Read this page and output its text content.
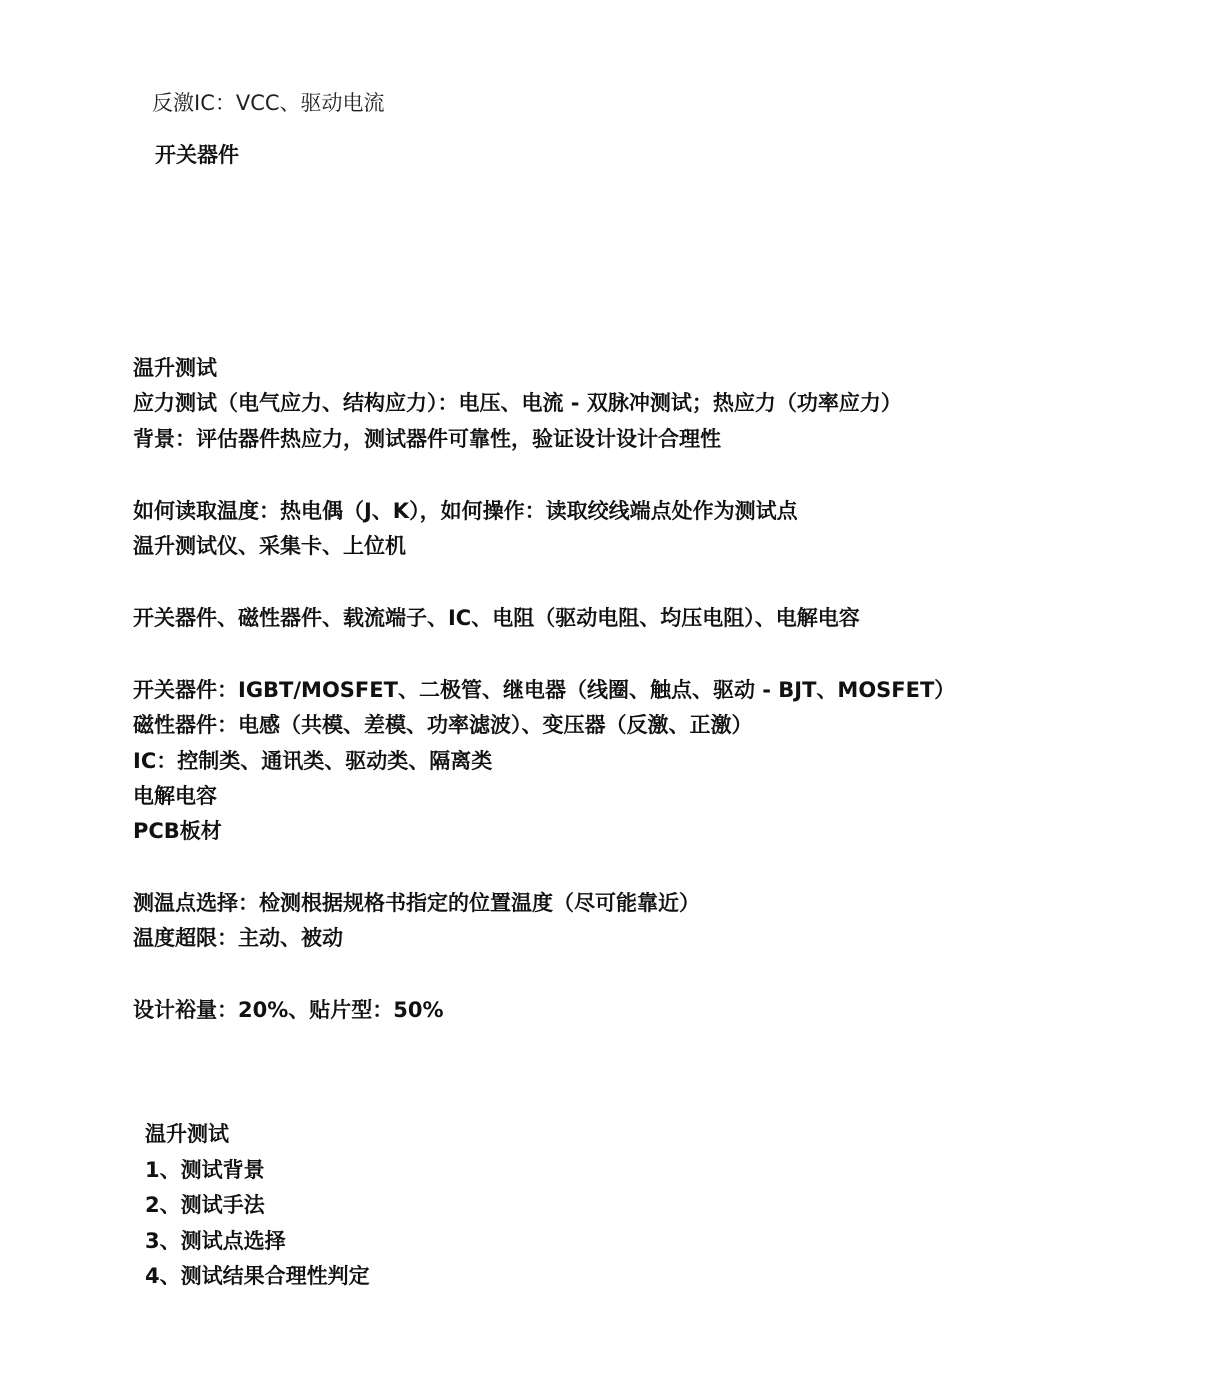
反激IC：VCC、驱动电流
开关器件
温升测试
应力测试（电气应力、结构应力）：电压、电流 - 双脉冲测试；热应力（功率应力）
背景：评估器件热应力，测试器件可靠性，验证设计设计合理性
如何读取温度：热电偶（J、K），如何操作：读取绞线端点处作为测试点
温升测试仪、采集卡、上位机
开关器件、磁性器件、载流端子、IC、电阻（驱动电阻、均压电阻）、电解电容
开关器件：IGBT/MOSFET、二极管、继电器（线圈、触点、驱动 - BJT、MOSFET）
磁性器件：电感（共模、差模、功率滤波）、变压器（反激、正激）
IC：控制类、通讯类、驱动类、隔离类
电解电容
PCB板材
测温点选择：检测根据规格书指定的位置温度（尽可能靠近）
温度超限：主动、被动
设计裕量：20%、贴片型：50%
温升测试
1、测试背景
2、测试手法
3、测试点选择
4、测试结果合理性判定
